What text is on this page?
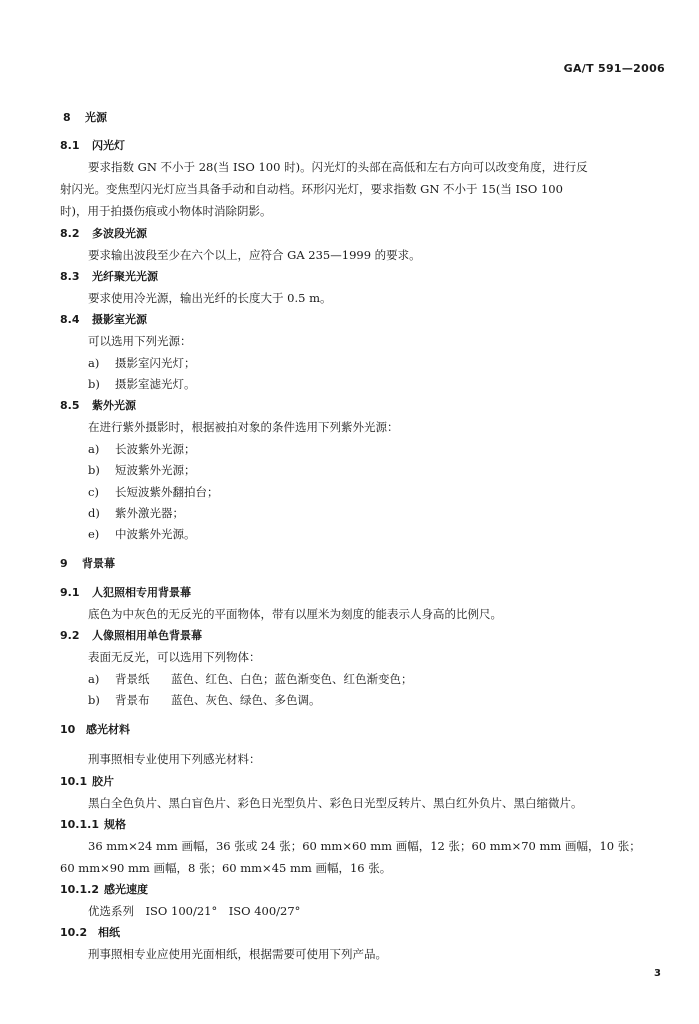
GA/T 591—2006
8 光源
8.1 闪光灯
要求指数 GN 不小于 28(当 ISO 100 时)。闪光灯的头部在高低和左右方向可以改变角度，进行反
射闪光。变焦型闪光灯应当具备手动和自动档。环形闪光灯，要求指数 GN 不小于 15(当 ISO 100
时)，用于拍摄伤痕或小物体时消除阴影。
8.2 多波段光源
要求输出波段至少在六个以上，应符合 GA 235—1999 的要求。
8.3 光纤聚光光源
要求使用冷光源，输出光纤的长度大于 0.5 m。
8.4 摄影室光源
可以选用下列光源：
a) 摄影室闪光灯；
b) 摄影室滤光灯。
8.5 紫外光源
在进行紫外摄影时，根据被拍对象的条件选用下列紫外光源：
a) 长波紫外光源；
b) 短波紫外光源；
c) 长短波紫外翻拍台；
d) 紫外激光器；
e) 中波紫外光源。
9 背景幕
9.1 人犯照相专用背景幕
底色为中灰色的无反光的平面物体，带有以厘米为刻度的能表示人身高的比例尺。
9.2 人像照相用单色背景幕
表面无反光，可以选用下列物体：
a) 背景纸 蓝色、红色、白色；蓝色渐变色、红色渐变色；
b) 背景布 蓝色、灰色、绿色、多色调。
10 感光材料
刑事照相专业使用下列感光材料：
10.1 胶片
黑白全色负片、黑白盲色片、彩色日光型负片、彩色日光型反转片、黑白红外负片、黑白缩微片。
10.1.1 规格
36 mm×24 mm 画幅，36 张或 24 张；60 mm×60 mm 画幅，12 张；60 mm×70 mm 画幅，10 张；
60 mm×90 mm 画幅，8 张；60 mm×45 mm 画幅，16 张。
10.1.2 感光速度
优选系列　ISO 100/21°　ISO 400/27°
10.2 相纸
刑事照相专业应使用光面相纸，根据需要可使用下列产品。
3
